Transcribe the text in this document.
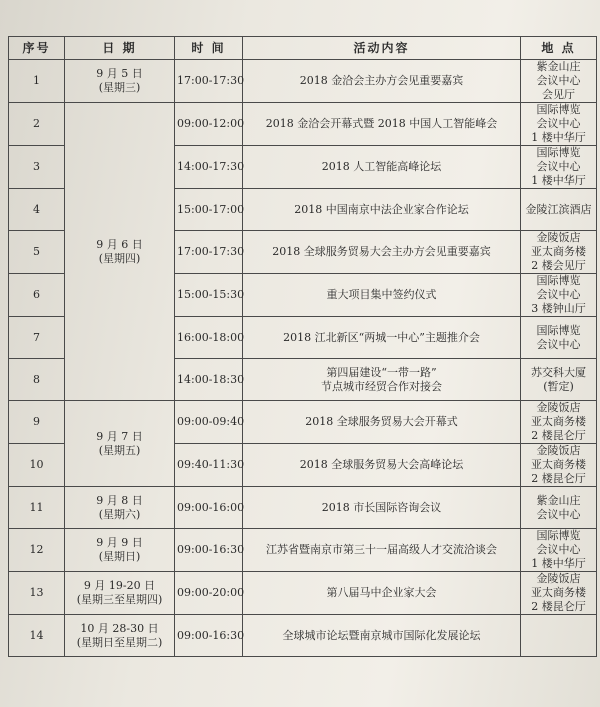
序号	日 期	时 间	活动内容	地 点
1	9 月 5 日
(星期三)	17:00-17:30	2018 金洽会主办方会见重要嘉宾	紫金山庄
会议中心
会见厅

2	9 月 6 日
(星期四)	09:00-12:00	2018 金洽会开幕式暨 2018 中国人工智能峰会	国际博览
会议中心
1 楼中华厅

3		14:00-17:30	2018 人工智能高峰论坛	国际博览
会议中心
1 楼中华厅

4		15:00-17:00	2018 中国南京中法企业家合作论坛	金陵江滨酒店

5		17:00-17:30	2018 全球服务贸易大会主办方会见重要嘉宾	金陵饭店
亚太商务楼
2 楼会见厅

6		15:00-15:30	重大项目集中签约仪式	国际博览
会议中心
3 楼钟山厅

7		16:00-18:00	2018 江北新区“两城一中心”主题推介会	国际博览
会议中心

8		14:00-18:30	第四届建设“一带一路”
节点城市经贸合作对接会	苏交科大厦
(暂定)

9	9 月 7 日
(星期五)	09:00-09:40	2018 全球服务贸易大会开幕式	金陵饭店
亚太商务楼
2 楼昆仑厅

10		09:40-11:30	2018 全球服务贸易大会高峰论坛	金陵饭店
亚太商务楼
2 楼昆仑厅

11	9 月 8 日
(星期六)	09:00-16:00	2018 市长国际咨询会议	紫金山庄
会议中心

12	9 月 9 日
(星期日)	09:00-16:30	江苏省暨南京市第三十一届高级人才交流洽谈会	国际博览
会议中心
1 楼中华厅

13	9 月 19-20 日
(星期三至星期四)	09:00-20:00	第八届马中企业家大会	金陵饭店
亚太商务楼
2 楼昆仑厅

14	10 月 28-30 日
(星期日至星期二)	09:00-16:30	全球城市论坛暨南京城市国际化发展论坛	
